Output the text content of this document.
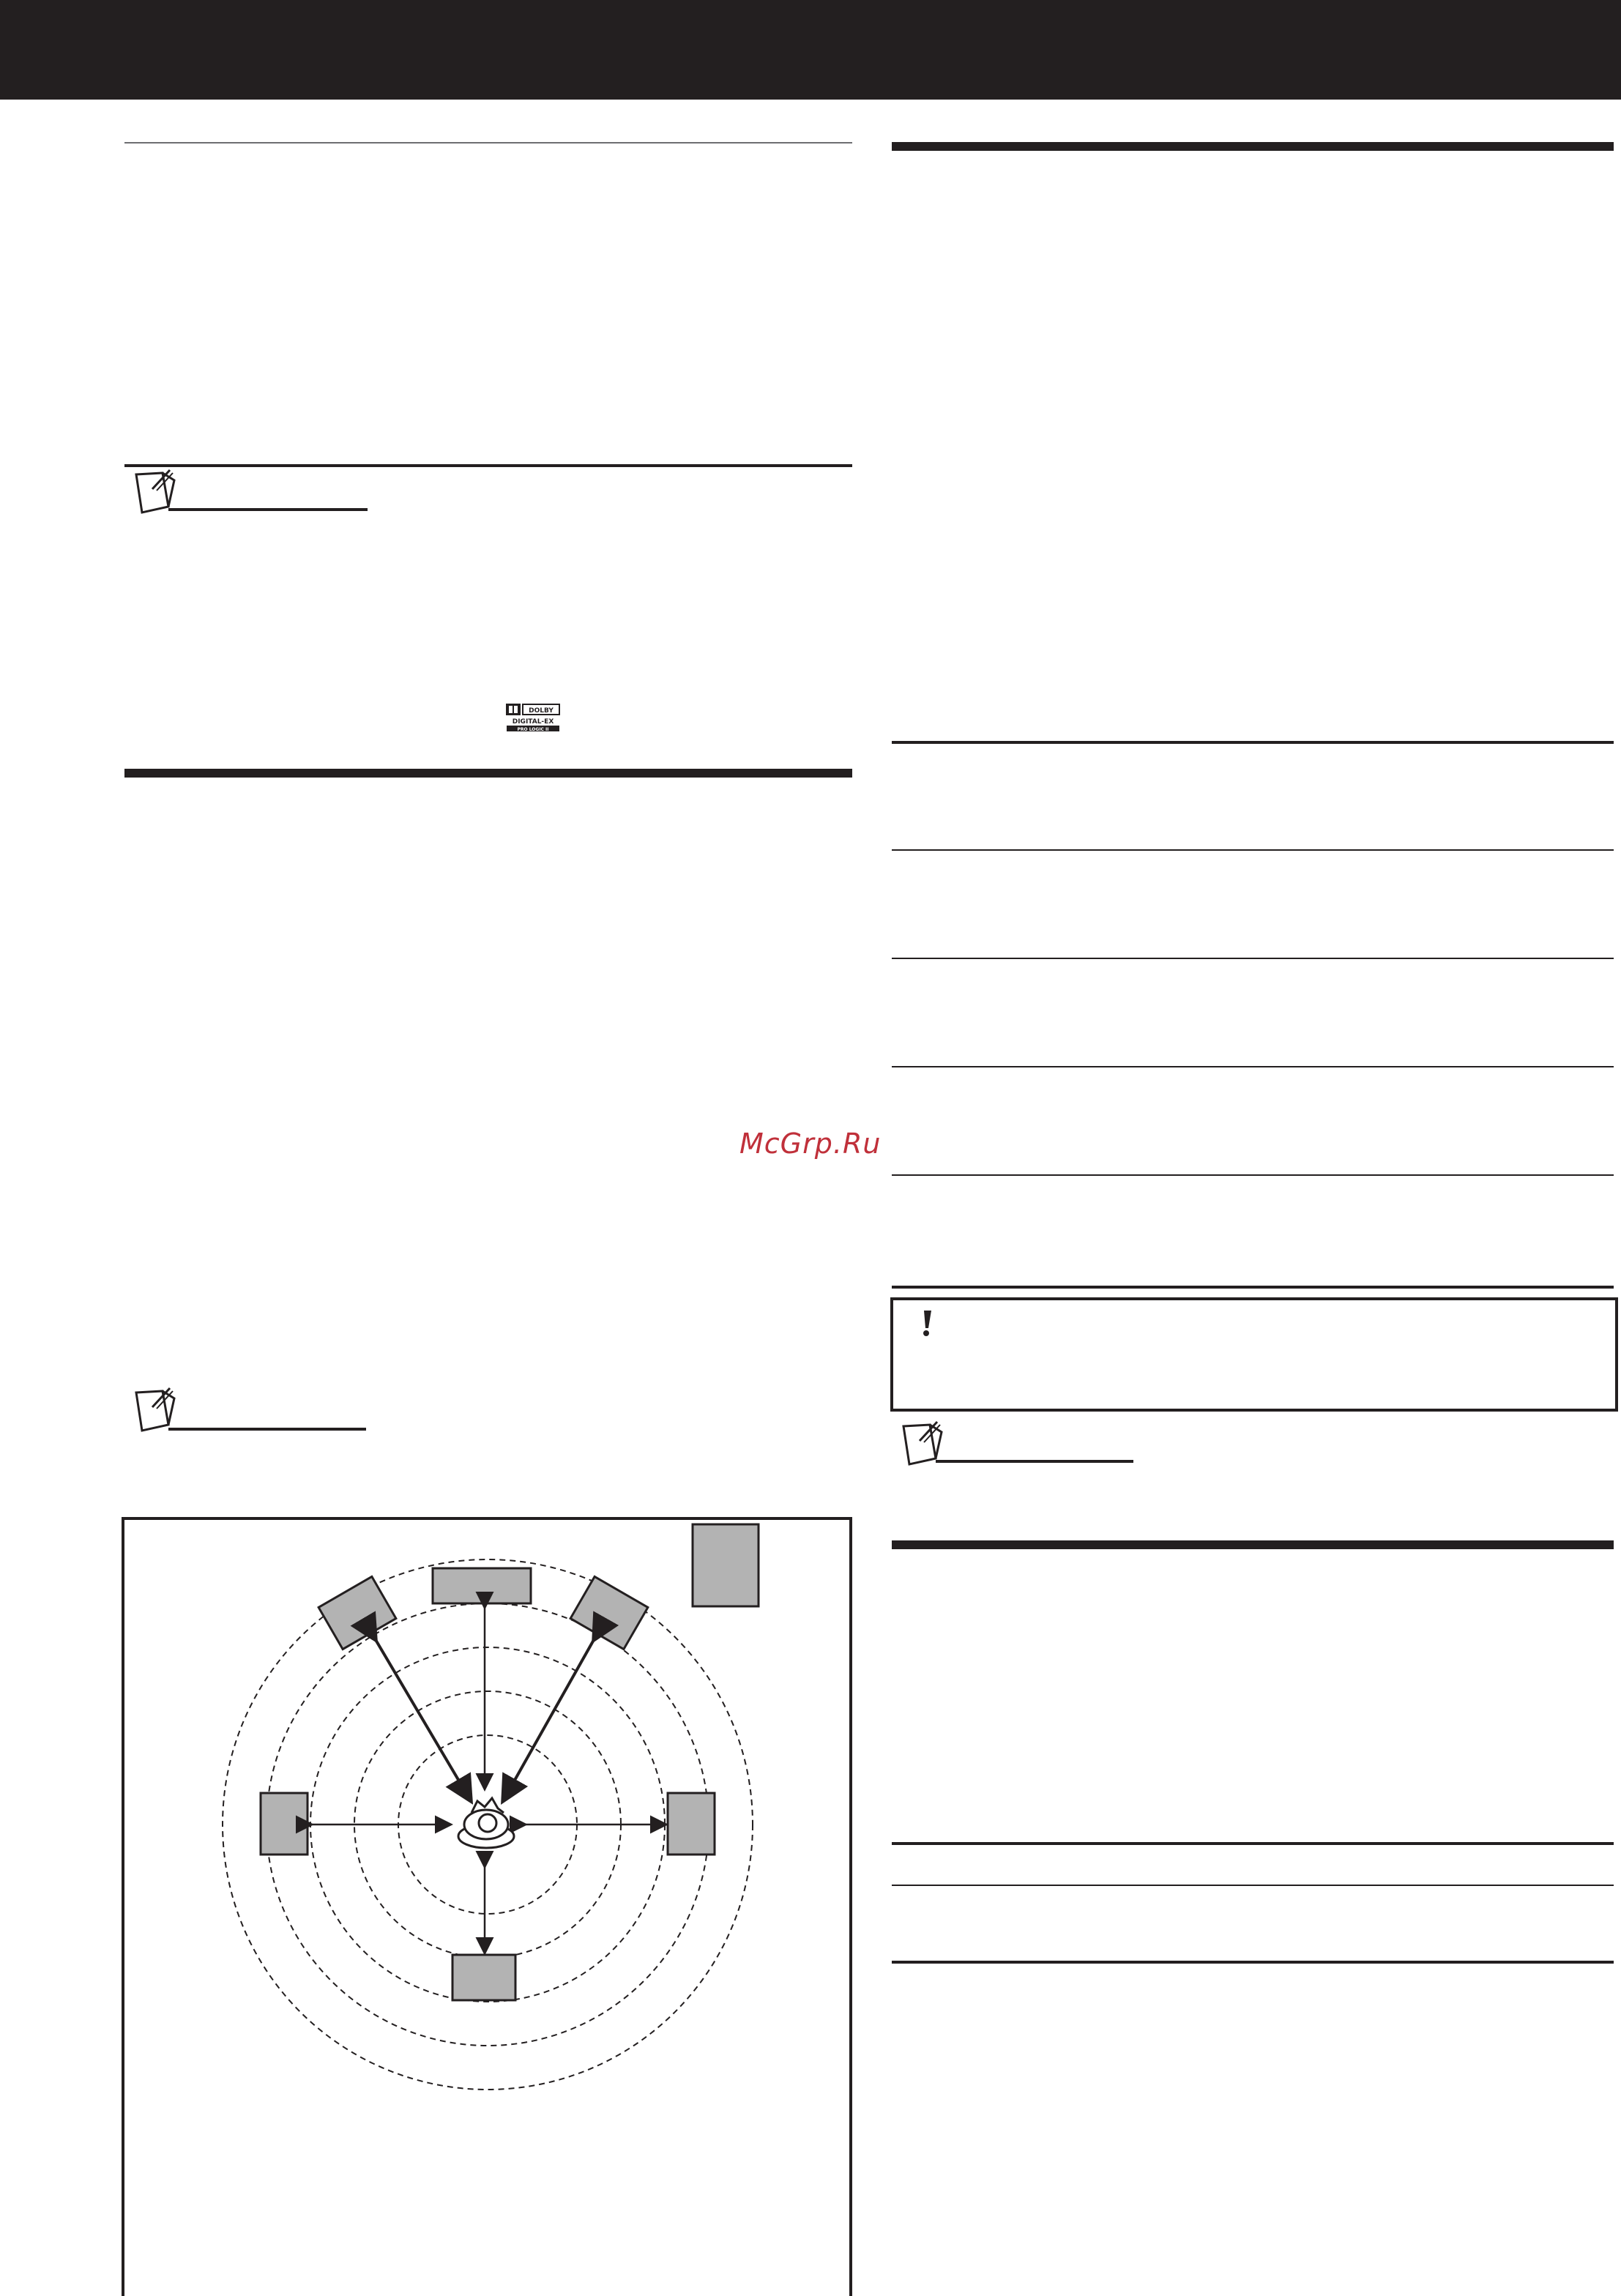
DOLBY
DIGITAL-EX
PRO LOGIC II
McGrp.Ru
